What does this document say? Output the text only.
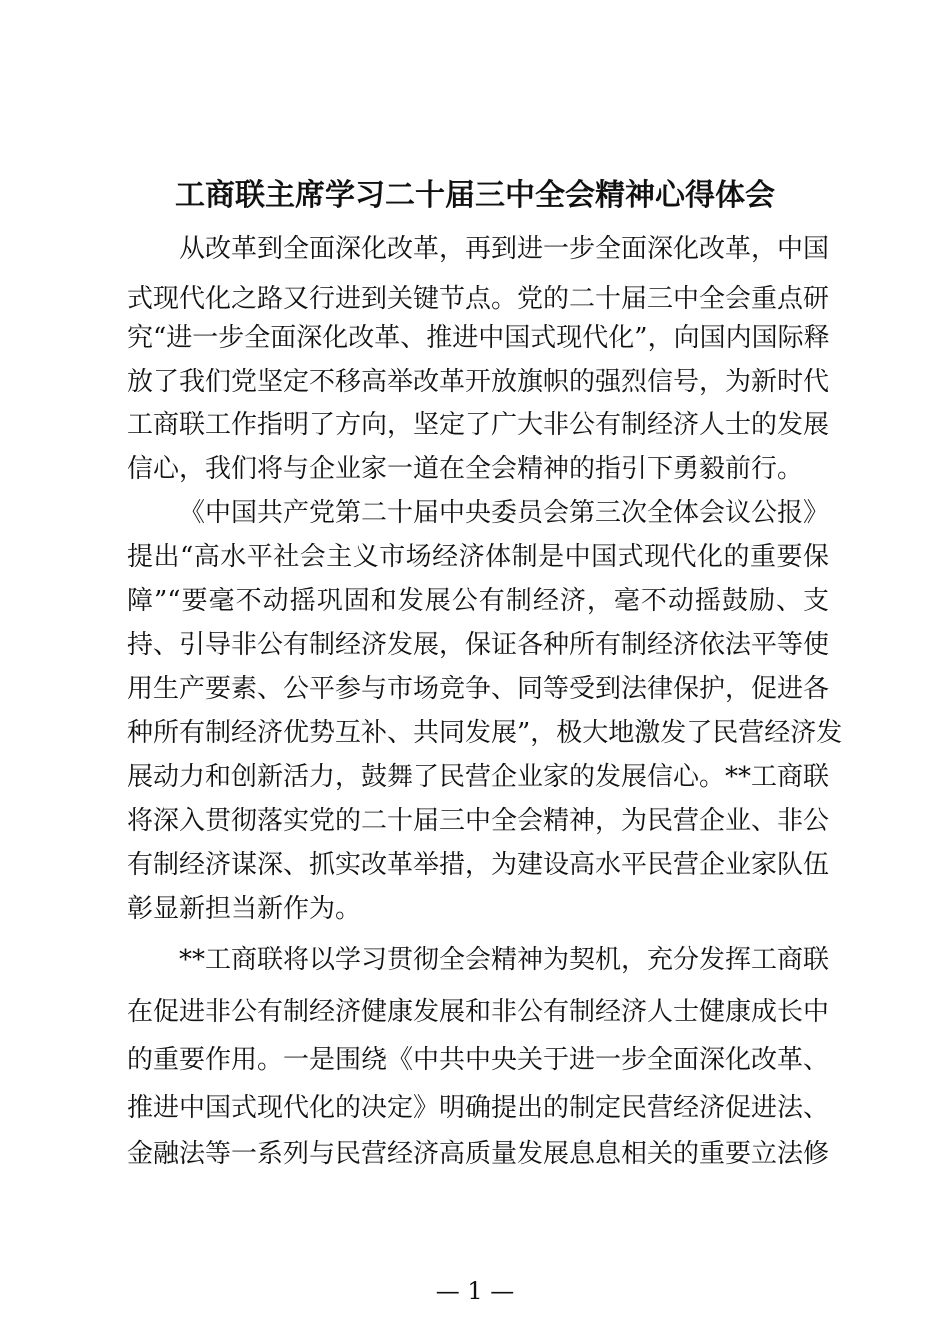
工商联主席学习二十届三中全会精神心得体会
从改革到全面深化改革，再到进一步全面深化改革，中国
式现代化之路又行进到关键节点。党的二十届三中全会重点研
究“进一步全面深化改革、推进中国式现代化”，向国内国际释
放了我们党坚定不移高举改革开放旗帜的强烈信号，为新时代
工商联工作指明了方向，坚定了广大非公有制经济人士的发展
信心，我们将与企业家一道在全会精神的指引下勇毅前行。
《中国共产党第二十届中央委员会第三次全体会议公报》
提出“高水平社会主义市场经济体制是中国式现代化的重要保
障”“要毫不动摇巩固和发展公有制经济，毫不动摇鼓励、支
持、引导非公有制经济发展，保证各种所有制经济依法平等使
用生产要素、公平参与市场竞争、同等受到法律保护，促进各
种所有制经济优势互补、共同发展”，极大地激发了民营经济发
展动力和创新活力，鼓舞了民营企业家的发展信心。**工商联
将深入贯彻落实党的二十届三中全会精神，为民营企业、非公
有制经济谋深、抓实改革举措，为建设高水平民营企业家队伍
彰显新担当新作为。
**工商联将以学习贯彻全会精神为契机，充分发挥工商联
在促进非公有制经济健康发展和非公有制经济人士健康成长中
的重要作用。一是围绕《中共中央关于进一步全面深化改革、
推进中国式现代化的决定》明确提出的制定民营经济促进法、
金融法等一系列与民营经济高质量发展息息相关的重要立法修
— 1 —
